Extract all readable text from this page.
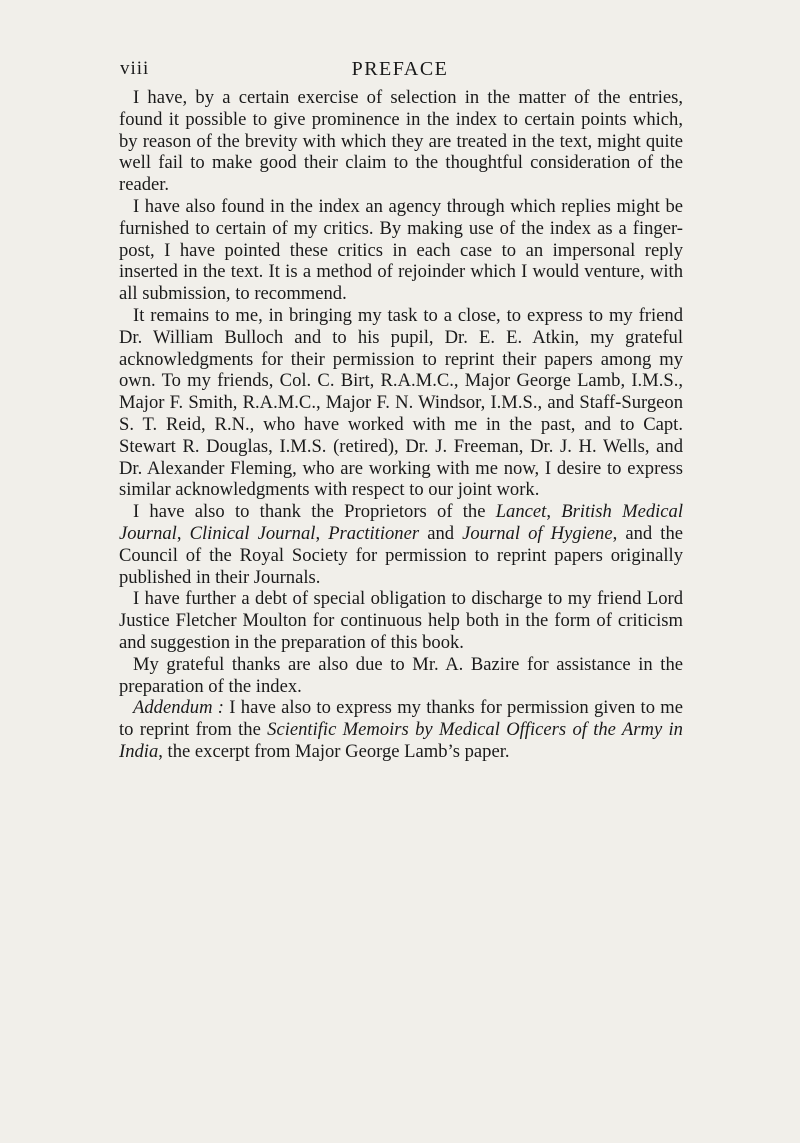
viii	PREFACE

I have, by a certain exercise of selection in the matter of the entries, found it possible to give prominence in the index to certain points which, by reason of the brevity with which they are treated in the text, might quite well fail to make good their claim to the thoughtful consideration of the reader.

I have also found in the index an agency through which replies might be furnished to certain of my critics. By making use of the index as a finger-post, I have pointed these critics in each case to an impersonal reply inserted in the text. It is a method of rejoinder which I would venture, with all submission, to recommend.

It remains to me, in bringing my task to a close, to express to my friend Dr. William Bulloch and to his pupil, Dr. E. E. Atkin, my grateful acknowledgments for their permission to reprint their papers among my own. To my friends, Col. C. Birt, R.A.M.C., Major George Lamb, I.M.S., Major F. Smith, R.A.M.C., Major F. N. Windsor, I.M.S., and Staff-Surgeon S. T. Reid, R.N., who have worked with me in the past, and to Capt. Stewart R. Douglas, I.M.S. (retired), Dr. J. Freeman, Dr. J. H. Wells, and Dr. Alexander Fleming, who are working with me now, I desire to express similar acknowledgments with respect to our joint work.

I have also to thank the Proprietors of the Lancet, British Medical Journal, Clinical Journal, Practitioner and Journal of Hygiene, and the Council of the Royal Society for permission to reprint papers originally published in their Journals.

I have further a debt of special obligation to discharge to my friend Lord Justice Fletcher Moulton for continuous help both in the form of criticism and suggestion in the preparation of this book.

My grateful thanks are also due to Mr. A. Bazire for assistance in the preparation of the index.

Addendum : I have also to express my thanks for permission given to me to reprint from the Scientific Memoirs by Medical Officers of the Army in India, the excerpt from Major George Lamb’s paper.
